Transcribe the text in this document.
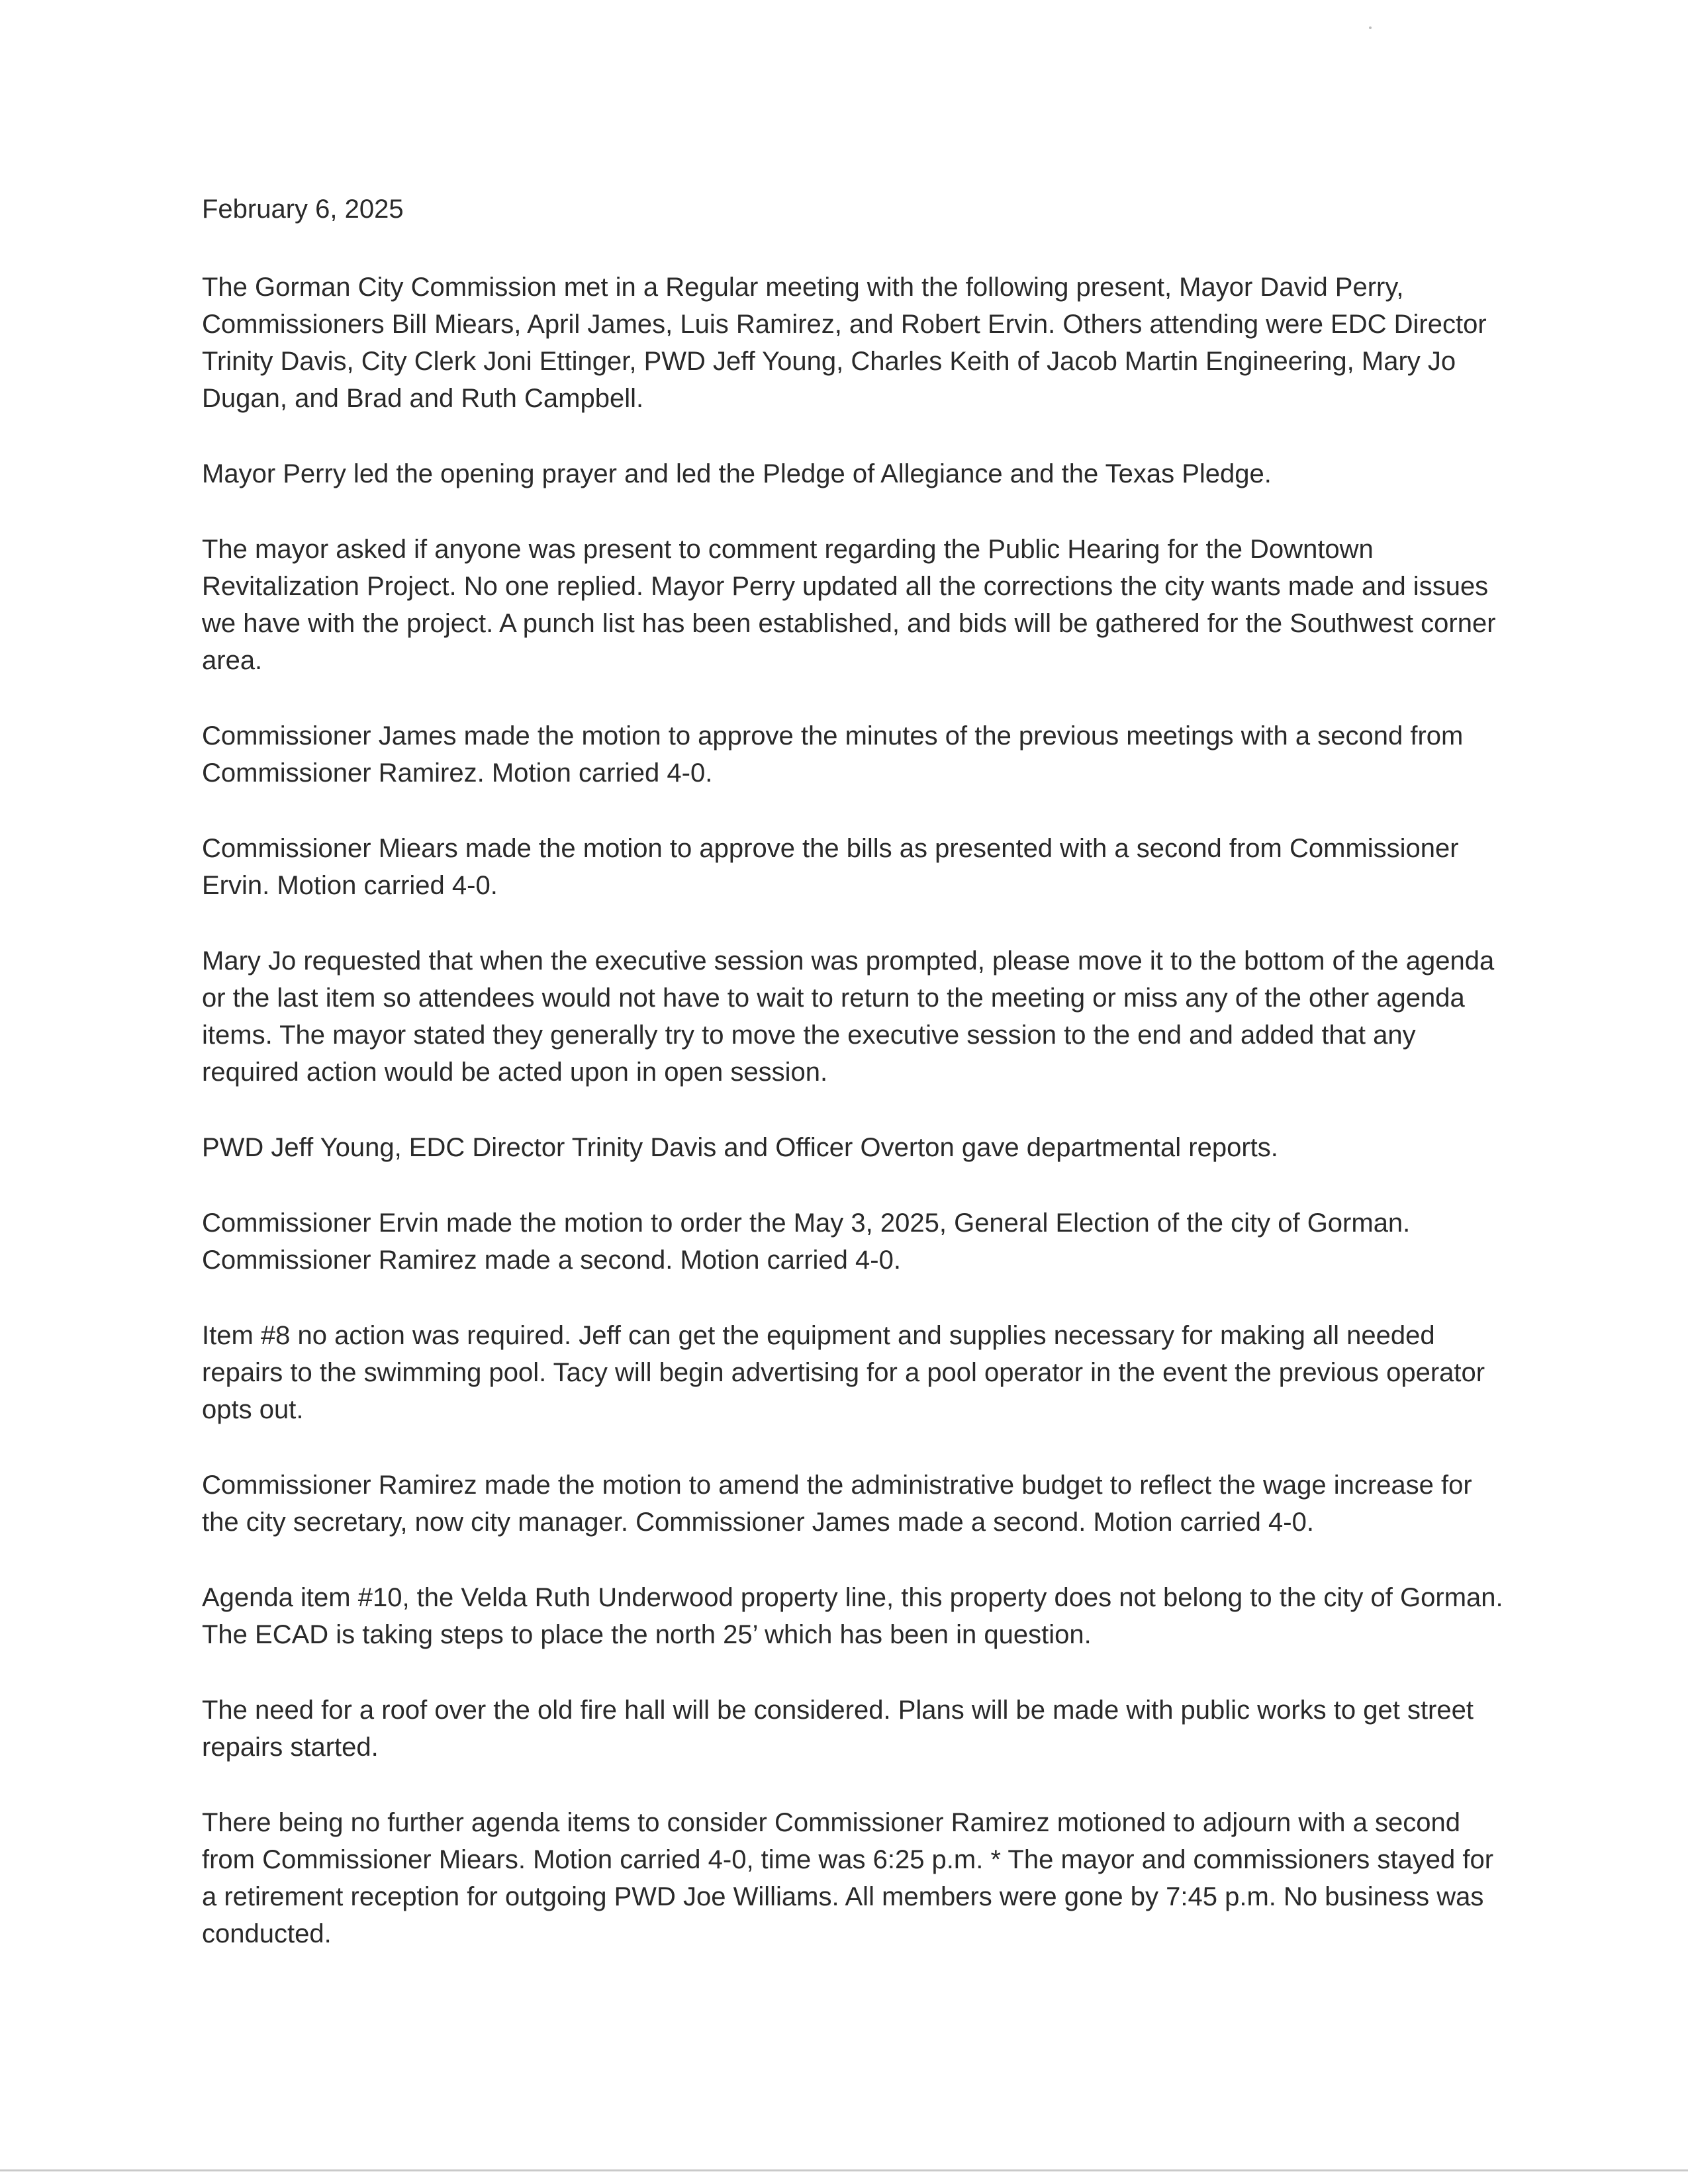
February 6, 2025

The Gorman City Commission met in a Regular meeting with the following present, Mayor David Perry, Commissioners Bill Miears, April James, Luis Ramirez, and Robert Ervin. Others attending were EDC Director Trinity Davis, City Clerk Joni Ettinger, PWD Jeff Young, Charles Keith of Jacob Martin Engineering, Mary Jo Dugan, and Brad and Ruth Campbell.

Mayor Perry led the opening prayer and led the Pledge of Allegiance and the Texas Pledge.

The mayor asked if anyone was present to comment regarding the Public Hearing for the Downtown Revitalization Project. No one replied. Mayor Perry updated all the corrections the city wants made and issues we have with the project. A punch list has been established, and bids will be gathered for the Southwest corner area.

Commissioner James made the motion to approve the minutes of the previous meetings with a second from Commissioner Ramirez. Motion carried 4-0.

Commissioner Miears made the motion to approve the bills as presented with a second from Commissioner Ervin. Motion carried 4-0.

Mary Jo requested that when the executive session was prompted, please move it to the bottom of the agenda or the last item so attendees would not have to wait to return to the meeting or miss any of the other agenda items. The mayor stated they generally try to move the executive session to the end and added that any required action would be acted upon in open session.

PWD Jeff Young, EDC Director Trinity Davis and Officer Overton gave departmental reports.

Commissioner Ervin made the motion to order the May 3, 2025, General Election of the city of Gorman. Commissioner Ramirez made a second. Motion carried 4-0.

Item #8 no action was required. Jeff can get the equipment and supplies necessary for making all needed repairs to the swimming pool. Tacy will begin advertising for a pool operator in the event the previous operator opts out.

Commissioner Ramirez made the motion to amend the administrative budget to reflect the wage increase for the city secretary, now city manager. Commissioner James made a second. Motion carried 4-0.

Agenda item #10, the Velda Ruth Underwood property line, this property does not belong to the city of Gorman. The ECAD is taking steps to place the north 25’ which has been in question.

The need for a roof over the old fire hall will be considered. Plans will be made with public works to get street repairs started.

There being no further agenda items to consider Commissioner Ramirez motioned to adjourn with a second from Commissioner Miears. Motion carried 4-0, time was 6:25 p.m. * The mayor and commissioners stayed for a retirement reception for outgoing PWD Joe Williams. All members were gone by 7:45 p.m. No business was conducted.
